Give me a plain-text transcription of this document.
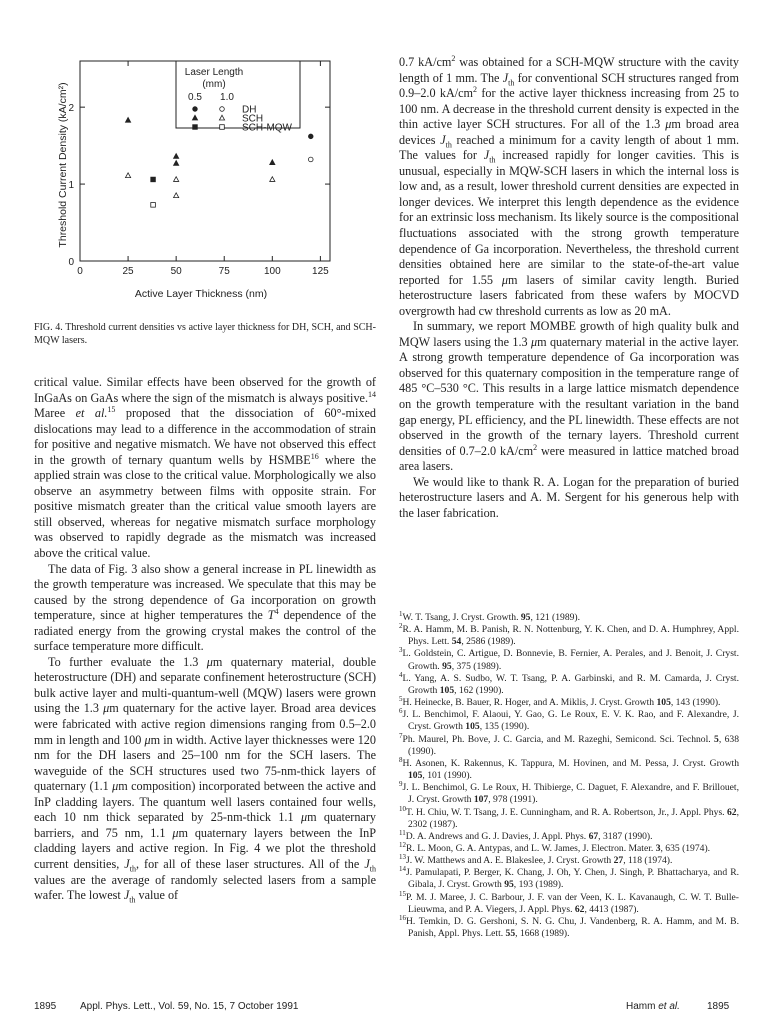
0	25	50	75	100	125
0
1
2
Laser Length
(mm)
0.5 1.0
DH
SCH
SCH-MQW
Active Layer Thickness (nm)
Threshold Current Density (kA/cm²)
FIG. 4. Threshold current densities vs active layer thickness for DH, SCH, and SCH-MQW lasers.

critical value. Similar effects have been observed for the growth of InGaAs on GaAs where the sign of the mismatch is always positive.$^{14}$ Maree et al.$^{15}$ proposed that the dissociation of 60°-mixed dislocations may lead to a difference in the accommodation of strain for positive and negative mismatch. We have not observed this effect in the growth of ternary quantum wells by HSMBE$^{16}$ where the applied strain was close to the critical value. Morphologically we also observe an asymmetry between films with opposite strain. For positive mismatch greater than the critical value smooth layers are still observed, whereas for negative mismatch surface morphology was observed to rapidly degrade as the mismatch was increased above the critical value.

The data of Fig. 3 also show a general increase in PL linewidth as the growth temperature was increased. We speculate that this may be caused by the strong dependence of Ga incorporation on growth temperature, since at higher temperatures the $T^4$ dependence of the radiated energy from the growing crystal makes the control of the surface temperature more difficult.

To further evaluate the 1.3 μm quaternary material, double heterostructure (DH) and separate confinement heterostructure (SCH) bulk active layer and multi-quantum-well (MQW) lasers were grown using the 1.3 μm quaternary for the active layer. Broad area devices were fabricated with active region dimensions ranging from 0.5–2.0 mm in length and 100 μm in width. Active layer thicknesses were 120 nm for the DH lasers and 25–100 nm for the SCH lasers. The waveguide of the SCH structures used two 75-nm-thick layers of quaternary (1.1 μm composition) incorporated between the active and InP cladding layers. The quantum well lasers contained four wells, each 10 nm thick separated by 25-nm-thick 1.1 μm quaternary barriers, and 75 nm, 1.1 μm quaternary layers between the InP cladding layers and active region. In Fig. 4 we plot the threshold current densities, $J_{th}$, for all of these laser structures. All of the $J_{th}$ values are the average of randomly selected lasers from a sample wafer. The lowest $J_{th}$ value of

0.7 $kA/cm^2$ was obtained for a SCH-MQW structure with the cavity length of 1 mm. The $J_{th}$ for conventional SCH structures ranged from 0.9–2.0 $kA/cm^2$ for the active layer thickness increasing from 25 to 100 nm. A decrease in the threshold current density is expected in the thin active layer SCH structures. For all of the 1.3 μm broad area devices $J_{th}$ reached a minimum for a cavity length of about 1 mm. The values for $J_{th}$ increased rapidly for longer cavities. This is unusual, especially in MQW-SCH lasers in which the internal loss is low and, as a result, lower threshold current densities are expected in longer devices. We interpret this length dependence as the evidence for an extrinsic loss mechanism. Its likely source is the compositional fluctuations associated with the strong growth temperature dependence of Ga incorporation. Nevertheless, the threshold current densities obtained here are similar to the state-of-the-art value reported for 1.55 μm lasers of similar cavity length. Buried heterostructure lasers fabricated from these wafers by MOCVD overgrowth had cw threshold currents as low as 20 mA.

In summary, we report MOMBE growth of high quality bulk and MQW lasers using the 1.3 μm quaternary material in the active layer. A strong growth temperature dependence of Ga incorporation was observed for this quaternary composition in the temperature range of 485 °C–530 °C. This results in a large lattice mismatch dependence on the growth temperature with the resultant variation in the band gap energy, PL efficiency, and the PL linewidth. These effects are not observed in the growth of the ternary layers. Threshold current densities of 0.7–2.0 $kA/cm^2$ were measured in lattice matched broad area lasers.

We would like to thank R. A. Logan for the preparation of buried heterostructure lasers and A. M. Sergent for his generous help with the laser fabrication.

$^1$W. T. Tsang, J. Cryst. Growth. 95, 121 (1989).
$^2$R. A. Hamm, M. B. Panish, R. N. Nottenburg, Y. K. Chen, and D. A. Humphrey, Appl. Phys. Lett. 54, 2586 (1989).
$^3$L. Goldstein, C. Artigue, D. Bonnevie, B. Fernier, A. Perales, and J. Benoit, J. Cryst. Growth. 95, 375 (1989).
$^4$L. Yang, A. S. Sudbo, W. T. Tsang, P. A. Garbinski, and R. M. Camarda, J. Cryst. Growth 105, 162 (1990).
$^5$H. Heinecke, B. Bauer, R. Hoger, and A. Miklis, J. Cryst. Growth 105, 143 (1990).
$^6$J. L. Benchimol, F. Alaoui, Y. Gao, G. Le Roux, E. V. K. Rao, and F. Alexandre, J. Cryst. Growth 105, 135 (1990).
$^7$Ph. Maurel, Ph. Bove, J. C. Garcia, and M. Razeghi, Semicond. Sci. Technol. 5, 638 (1990).
$^8$H. Asonen, K. Rakennus, K. Tappura, M. Hovinen, and M. Pessa, J. Cryst. Growth 105, 101 (1990).
$^9$J. L. Benchimol, G. Le Roux, H. Thibierge, C. Daguet, F. Alexandre, and F. Brillouet, J. Cryst. Growth 107, 978 (1991).
$^{10}$T. H. Chiu, W. T. Tsang, J. E. Cunningham, and R. A. Robertson, Jr., J. Appl. Phys. 62, 2302 (1987).
$^{11}$D. A. Andrews and G. J. Davies, J. Appl. Phys. 67, 3187 (1990).
$^{12}$R. L. Moon, G. A. Antypas, and L. W. James, J. Electron. Mater. 3, 635 (1974).
$^{13}$J. W. Matthews and A. E. Blakeslee, J. Cryst. Growth 27, 118 (1974).
$^{14}$J. Pamulapati, P. Berger, K. Chang, J. Oh, Y. Chen, J. Singh, P. Bhattacharya, and R. Gibala, J. Cryst. Growth 95, 193 (1989).
$^{15}$P. M. J. Maree, J. C. Barbour, J. F. van der Veen, K. L. Kavanaugh, C. W. T. Bulle-Lieuwma, and P. A. Viegers, J. Appl. Phys. 62, 4413 (1987).
$^{16}$H. Temkin, D. G. Gershoni, S. N. G. Chu, J. Vandenberg, R. A. Hamm, and M. B. Panish, Appl. Phys. Lett. 55, 1668 (1989).
1895 Appl. Phys. Lett., Vol. 59, No. 15, 7 October 1991	Hamm et al.	1895
